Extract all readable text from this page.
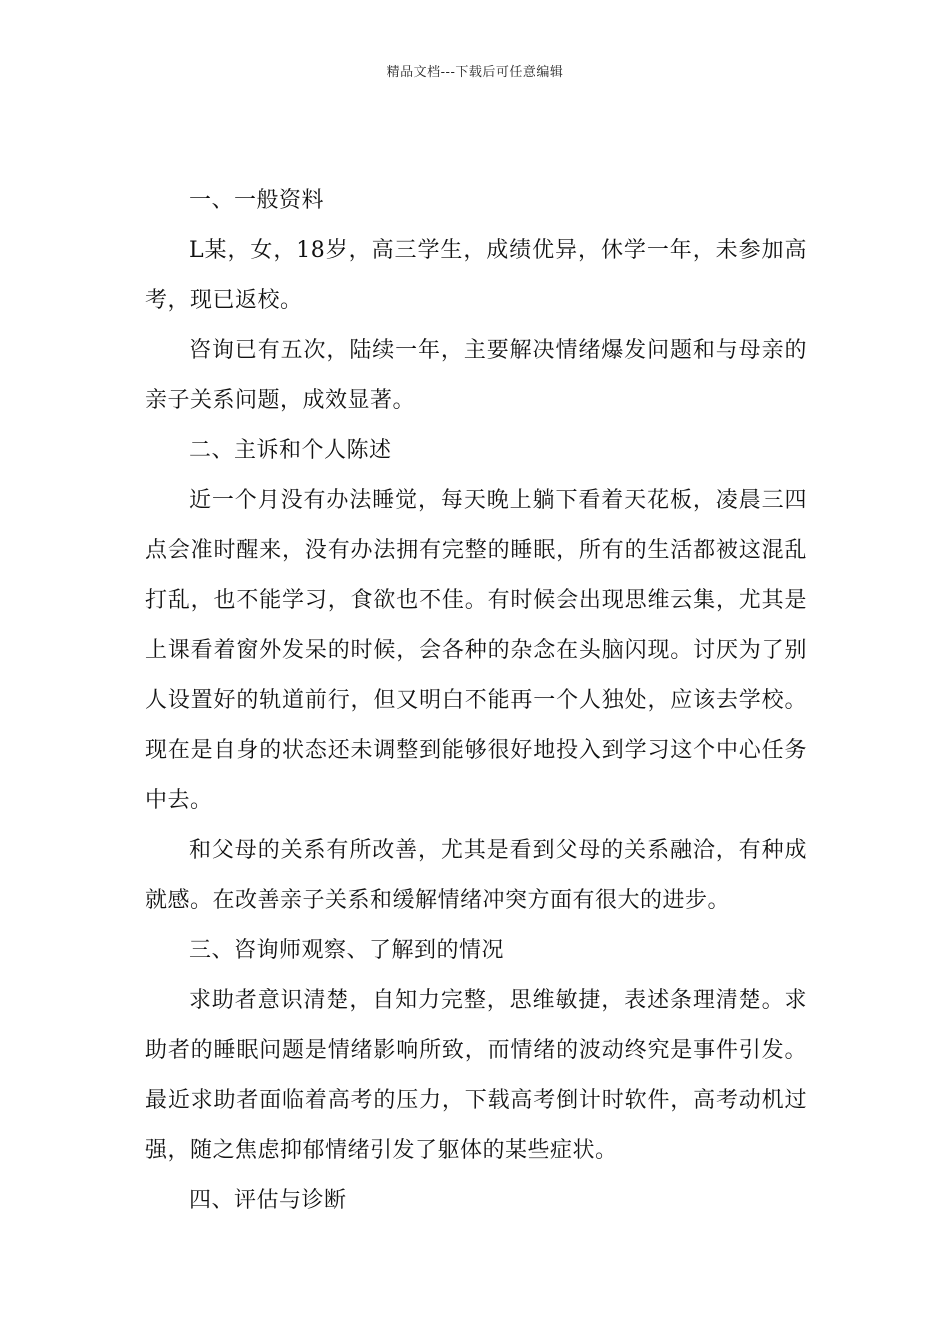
精品文档---下载后可任意编辑

一、一般资料

L某，女，18岁，高三学生，成绩优异，休学一年，未参加高考，现已返校。

咨询已有五次，陆续一年，主要解决情绪爆发问题和与母亲的亲子关系问题，成效显著。

二、主诉和个人陈述

近一个月没有办法睡觉，每天晚上躺下看着天花板，凌晨三四点会准时醒来，没有办法拥有完整的睡眠，所有的生活都被这混乱打乱，也不能学习，食欲也不佳。有时候会出现思维云集，尤其是上课看着窗外发呆的时候，会各种的杂念在头脑闪现。讨厌为了别人设置好的轨道前行，但又明白不能再一个人独处，应该去学校。现在是自身的状态还未调整到能够很好地投入到学习这个中心任务中去。

和父母的关系有所改善，尤其是看到父母的关系融洽，有种成就感。在改善亲子关系和缓解情绪冲突方面有很大的进步。

三、咨询师观察、了解到的情况

求助者意识清楚，自知力完整，思维敏捷，表述条理清楚。求助者的睡眠问题是情绪影响所致，而情绪的波动终究是事件引发。最近求助者面临着高考的压力，下载高考倒计时软件，高考动机过强，随之焦虑抑郁情绪引发了躯体的某些症状。

四、评估与诊断
